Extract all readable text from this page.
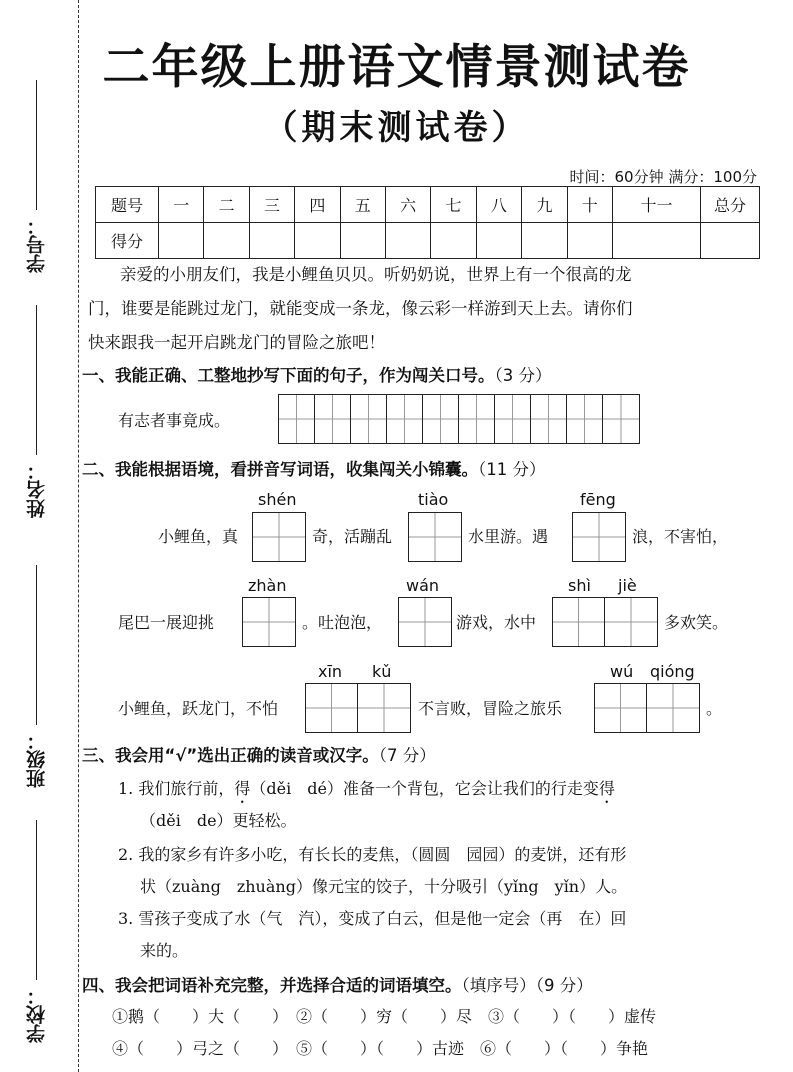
学号：
姓名：
班级：
学校：
二年级上册语文情景测试卷
（期末测试卷）
时间：60分钟 满分：100分
题号	一	二	三	四	五	六	七	八	九	十	十一	总分
得分												
亲爱的小朋友们，我是小鲤鱼贝贝。听奶奶说，世界上有一个很高的龙
门，谁要是能跳过龙门，就能变成一条龙，像云彩一样游到天上去。请你们
快来跟我一起开启跳龙门的冒险之旅吧！
一、我能正确、工整地抄写下面的句子，作为闯关口号。（3 分）
有志者事竟成。
二、我能根据语境，看拼音写词语，收集闯关小锦囊。（11 分）
shén	tiào	fēng
小鲤鱼，真	奇，活蹦乱	水里游。遇	浪，不害怕，
zhàn	wán	shì jiè
尾巴一展迎挑	。吐泡泡，	游戏，水中	多欢笑。
xīn kǔ	wú qióng
小鲤鱼，跃龙门，不怕	不言败，冒险之旅乐	。
三、我会用“√”选出正确的读音或汉字。（7 分）
1. 我们旅行前，得（děi　dé）准备一个背包，它会让我们的行走变得
（děi　de）更轻松。
2. 我的家乡有许多小吃，有长长的麦焦，（圆圆　园园）的麦饼，还有形
状（zuàng　zhuàng）像元宝的饺子，十分吸引（yǐng　yǐn）人。
3. 雪孩子变成了水（气　汽），变成了白云，但是他一定会（再　在）回
来的。
四、我会把词语补充完整，并选择合适的词语填空。（填序号）（9 分）
①鹅（　　）大（　　）　②（　　）穷（　　）尽　③（　　）（　　）虚传
④（　　）弓之（　　）　⑤（　　）（　　）古迹　⑥（　　）（　　）争艳
